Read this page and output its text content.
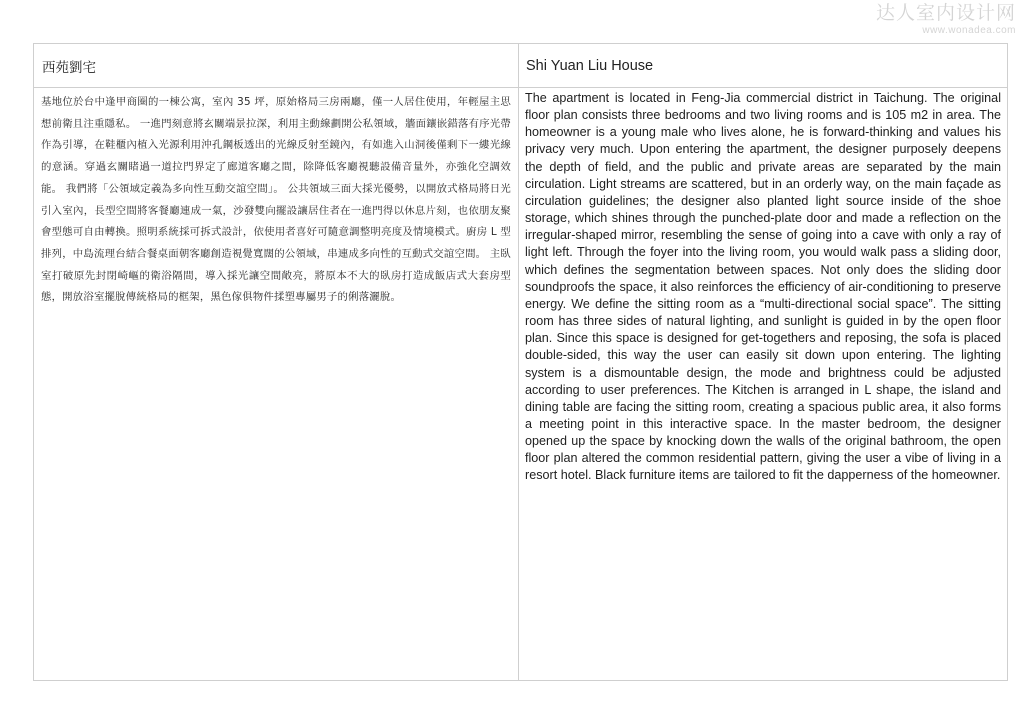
达人室内设计网
www.wonadea.com
西苑劉宅	Shi Yuan Liu House
基地位於台中逢甲商圈的一棟公寓，室內 35 坪，原始格局三房兩廳，僅一人居住使用，年輕屋主思想前衛且注重隱私。 一進門刻意將玄關端景拉深，利用主動線劃開公私領域，牆面鑲嵌錯落有序光帶作為引導，在鞋櫃內植入光源利用沖孔鋼板透出的光線反射至鏡內，有如進入山洞後僅剩下一縷光線的意涵。穿過玄關睹過一道拉門界定了廊道客廳之間，除降低客廳視聽設備音量外，亦強化空調效能。 我們將「公領域定義為多向性互動交誼空間」。 公共領域三面大採光優勢，以開放式格局將日光引入室內，長型空間將客餐廳連成一氣，沙發雙向擺設讓居住者在一進門得以休息片刻，也依朋友聚會型態可自由轉換。照明系統採可拆式設計，依使用者喜好可隨意調整明亮度及情境模式。廚房 L 型排列，中島流理台結合餐桌面朝客廳創造視覺寬闊的公領域，串連成多向性的互動式交誼空間。 主臥室打破原先封閉崎嶇的衛浴隔間，導入採光讓空間敞亮，將原本不大的臥房打造成飯店式大套房型態，開放浴室擺脫傳統格局的框架，黑色傢俱物件揉塑專屬男子的俐落灑脫。
The apartment is located in Feng-Jia commercial district in Taichung. The original floor plan consists three bedrooms and two living rooms and is 105 m2 in area. The homeowner is a young male who lives alone, he is forward-thinking and values his privacy very much. Upon entering the apartment, the designer purposely deepens the depth of field, and the public and private areas are separated by the main circulation. Light streams are scattered, but in an orderly way, on the main façade as circulation guidelines; the designer also planted light source inside of the shoe storage, which shines through the punched-plate door and made a reflection on the irregular-shaped mirror, resembling the sense of going into a cave with only a ray of light left. Through the foyer into the living room, you would walk pass a sliding door, which defines the segmentation between spaces. Not only does the sliding door soundproofs the space, it also reinforces the efficiency of air-conditioning to preserve energy. We define the sitting room as a “multi-directional social space”. The sitting room has three sides of natural lighting, and sunlight is guided in by the open floor plan. Since this space is designed for get-togethers and reposing, the sofa is placed double-sided, this way the user can easily sit down upon entering. The lighting system is a dismountable design, the mode and brightness could be adjusted according to user preferences. The Kitchen is arranged in L shape, the island and dining table are facing the sitting room, creating a spacious public area, it also forms a meeting point in this interactive space. In the master bedroom, the designer opened up the space by knocking down the walls of the original bathroom, the open floor plan altered the common residential pattern, giving the user a vibe of living in a resort hotel. Black furniture items are tailored to fit the dapperness of the homeowner.
